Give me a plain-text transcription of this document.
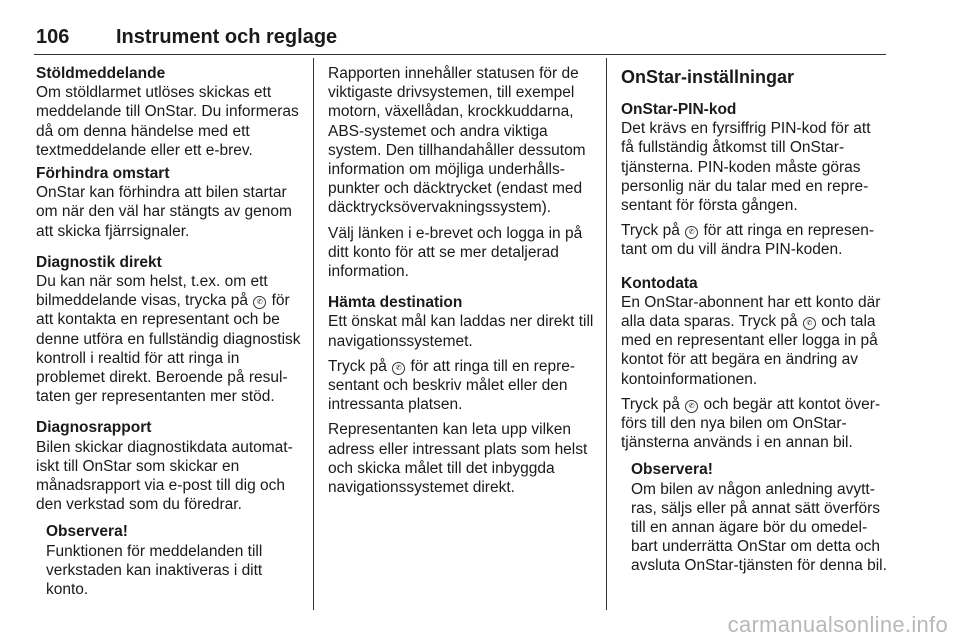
106 Instrument och reglage

Stöldmeddelande

Om stöldlarmet utlöses skickas ett meddelande till OnStar. Du informeras då om denna händelse med ett textmeddelande eller ett e-brev.

Förhindra omstart

OnStar kan förhindra att bilen startar om när den väl har stängts av genom att skicka fjärrsignaler.

Diagnostik direkt

Du kan när som helst, t.ex. om ett bilmeddelande visas, trycka på ✆ för att kontakta en representant och be denne utföra en fullständig diagnostisk kontroll i realtid för att ringa in problemet direkt. Beroende på resultaten ger representanten mer stöd.

Diagnosrapport

Bilen skickar diagnostikdata automatiskt till OnStar som skickar en månadsrapport via e-post till dig och den verkstad som du föredrar.

Observera!

Funktionen för meddelanden till verkstaden kan inaktiveras i ditt konto.

Rapporten innehåller statusen för de viktigaste drivsystemen, till exempel motorn, växellådan, krockkuddarna, ABS-systemet och andra viktiga system. Den tillhandahåller dessutom information om möjliga underhållspunkter och däcktrycket (endast med däcktrycksövervakningssystem).

Välj länken i e-brevet och logga in på ditt konto för att se mer detaljerad information.

Hämta destination

Ett önskat mål kan laddas ner direkt till navigationssystemet.

Tryck på ✆ för att ringa till en representant och beskriv målet eller den intressanta platsen.

Representanten kan leta upp vilken adress eller intressant plats som helst och skicka målet till det inbyggda navigationssystemet direkt.

OnStar-inställningar

OnStar-PIN-kod

Det krävs en fyrsiffrig PIN-kod för att få fullständig åtkomst till OnStar-tjänsterna. PIN-koden måste göras personlig när du talar med en representant för första gången.

Tryck på ✆ för att ringa en representant om du vill ändra PIN-koden.

Kontodata

En OnStar-abonnent har ett konto där alla data sparas. Tryck på ✆ och tala med en representant eller logga in på kontot för att begära en ändring av kontoinformationen.

Tryck på ✆ och begär att kontot överförs till den nya bilen om OnStar-tjänsterna används i en annan bil.

Observera!

Om bilen av någon anledning avyttras, säljs eller på annat sätt överförs till en annan ägare bör du omedelbart underrätta OnStar om detta och avsluta OnStar-tjänsten för denna bil.

carmanualsonline.info
